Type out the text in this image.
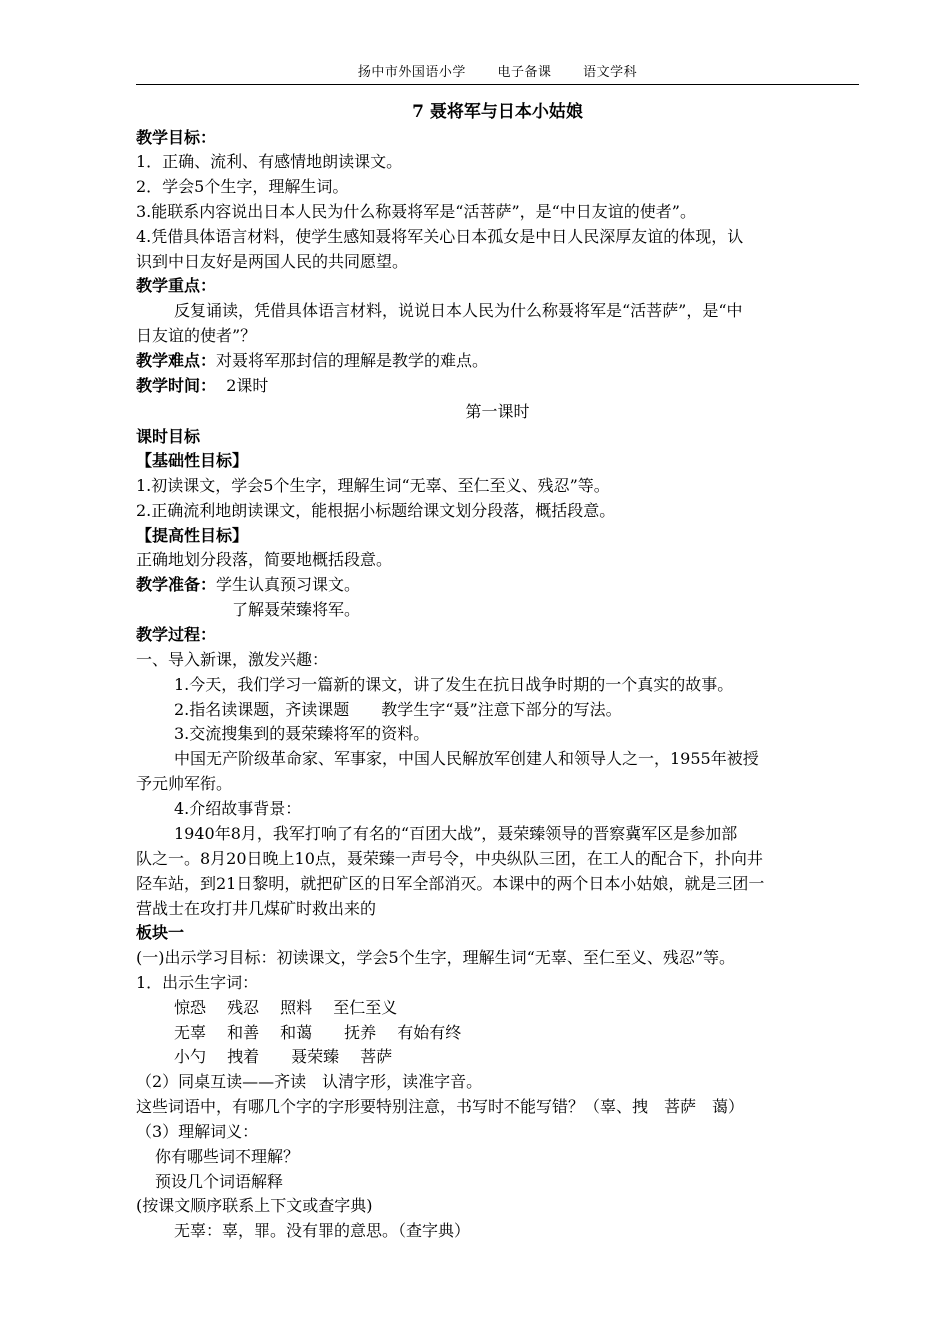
扬中市外国语小学　　 电子备课　　 语文学科
7 聂将军与日本小姑娘
教学目标：
1．正确、流利、有感情地朗读课文。
2．学会5个生字，理解生词。
3.能联系内容说出日本人民为什么称聂将军是“活菩萨”，是“中日友谊的使者”。
4.凭借具体语言材料，使学生感知聂将军关心日本孤女是中日人民深厚友谊的体现，认
识到中日友好是两国人民的共同愿望。
教学重点：
反复诵读，凭借具体语言材料，说说日本人民为什么称聂将军是“活菩萨”，是“中
日友谊的使者”？
教学难点：对聂将军那封信的理解是教学的难点。
教学时间： 2课时
第一课时
课时目标
【基础性目标】
1.初读课文，学会5个生字，理解生词“无辜、至仁至义、残忍”等。
2.正确流利地朗读课文，能根据小标题给课文划分段落，概括段意。
【提高性目标】
正确地划分段落，简要地概括段意。
教学准备：学生认真预习课文。
了解聂荣臻将军。
教学过程：
一、导入新课，激发兴趣：
1.今天，我们学习一篇新的课文，讲了发生在抗日战争时期的一个真实的故事。
2.指名读课题，齐读课题　　教学生字“聂”注意下部分的写法。
3.交流搜集到的聂荣臻将军的资料。
中国无产阶级革命家、军事家，中国人民解放军创建人和领导人之一，1955年被授
予元帅军衔。
4.介绍故事背景：
1940年8月，我军打响了有名的“百团大战”，聂荣臻领导的晋察冀军区是参加部
队之一。8月20日晚上10点，聂荣臻一声号令，中央纵队三团，在工人的配合下，扑向井
陉车站，到21日黎明，就把矿区的日军全部消灭。本课中的两个日本小姑娘，就是三团一
营战士在攻打井几煤矿时救出来的
板块一
(一)出示学习目标：初读课文，学会5个生字，理解生词“无辜、至仁至义、残忍”等。
1．出示生字词：
惊恐　 残忍　 照料　 至仁至义
无辜　 和善　 和蔼　　抚养　 有始有终
小勺　 拽着　　聂荣臻　 菩萨
（2）同桌互读——齐读　认清字形，读准字音。
这些词语中，有哪几个字的字形要特别注意，书写时不能写错？（辜、拽　菩萨　蔼）
（3）理解词义：
你有哪些词不理解？
预设几个词语解释
(按课文顺序联系上下文或查字典)
无辜：辜，罪。没有罪的意思。（查字典）
